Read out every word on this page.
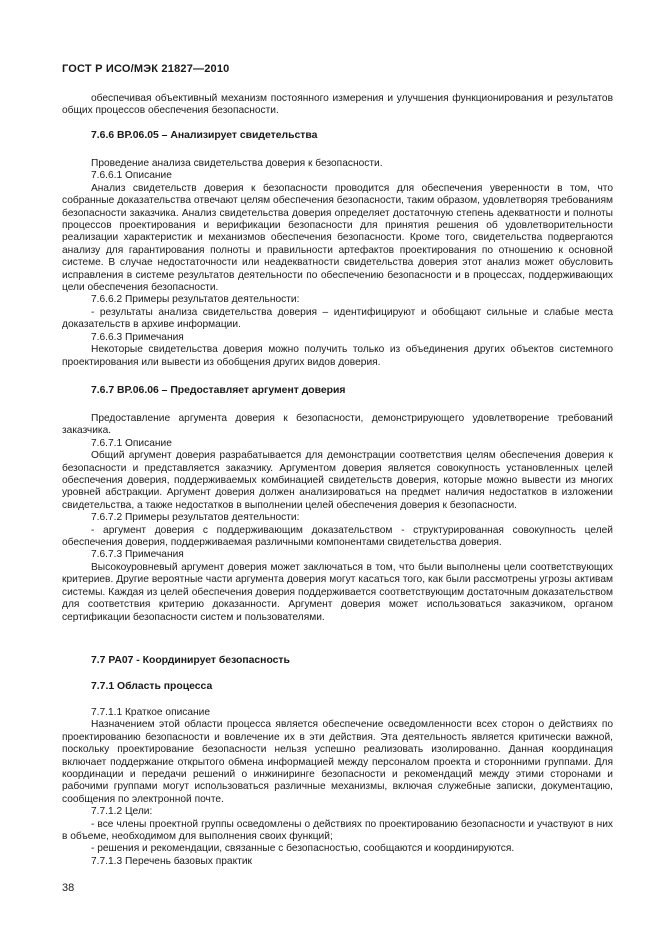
ГОСТ Р ИСО/МЭК 21827—2010

обеспечивая объективный механизм постоянного измерения и улучшения функционирования и результатов общих процессов обеспечения безопасности.

7.6.6 ВР.06.05 – Анализирует свидетельства

Проведение анализа свидетельства доверия к безопасности.

7.6.6.1 Описание

Анализ свидетельств доверия к безопасности проводится для обеспечения уверенности в том, что собранные доказательства отвечают целям обеспечения безопасности, таким образом, удовлетворяя требованиям безопасности заказчика. Анализ свидетельства доверия определяет достаточную степень адекватности и полноты процессов проектирования и верификации безопасности для принятия решения об удовлетворительности реализации характеристик и механизмов обеспечения безопасности. Кроме того, свидетельства подвергаются анализу для гарантирования полноты и правильности артефактов проектирования по отношению к основной системе. В случае недостаточности или неадекватности свидетельства доверия этот анализ может обусловить исправления в системе результатов деятельности по обеспечению безопасности и в процессах, поддерживающих цели обеспечения безопасности.

7.6.6.2 Примеры результатов деятельности:

- результаты анализа свидетельства доверия – идентифицируют и обобщают сильные и слабые места доказательств в архиве информации.

7.6.6.3 Примечания

Некоторые свидетельства доверия можно получить только из объединения других объектов системного проектирования или вывести из обобщения других видов доверия.

7.6.7 ВР.06.06 – Предоставляет аргумент доверия

Предоставление аргумента доверия к безопасности, демонстрирующего удовлетворение требований заказчика.

7.6.7.1 Описание

Общий аргумент доверия разрабатывается для демонстрации соответствия целям обеспечения доверия к безопасности и представляется заказчику. Аргументом доверия является совокупность установленных целей обеспечения доверия, поддерживаемых комбинацией свидетельств доверия, которые можно вывести из многих уровней абстракции. Аргумент доверия должен анализироваться на предмет наличия недостатков в изложении свидетельства, а также недостатков в выполнении целей обеспечения доверия к безопасности.

7.6.7.2 Примеры результатов деятельности:

- аргумент доверия с поддерживающим доказательством - структурированная совокупность целей обеспечения доверия, поддерживаемая различными компонентами свидетельства доверия.

7.6.7.3 Примечания

Высокоуровневый аргумент доверия может заключаться в том, что были выполнены цели соответствующих критериев. Другие вероятные части аргумента доверия могут касаться того, как были рассмотрены угрозы активам системы. Каждая из целей обеспечения доверия поддерживается соответствующим достаточным доказательством для соответствия критерию доказанности. Аргумент доверия может использоваться заказчиком, органом сертификации безопасности систем и пользователями.

7.7 РА07 - Координирует безопасность

7.7.1 Область процесса

7.7.1.1 Краткое описание

Назначением этой области процесса является обеспечение осведомленности всех сторон о действиях по проектированию безопасности и вовлечение их в эти действия. Эта деятельность является критически важной, поскольку проектирование безопасности нельзя успешно реализовать изолированно. Данная координация включает поддержание открытого обмена информацией между персоналом проекта и сторонними группами. Для координации и передачи решений о инжиниринге безопасности и рекомендаций между этими сторонами и рабочими группами могут использоваться различные механизмы, включая служебные записки, документацию, сообщения по электронной почте.

7.7.1.2 Цели:

- все члены проектной группы осведомлены о действиях по проектированию безопасности и участвуют в них в объеме, необходимом для выполнения своих функций;

- решения и рекомендации, связанные с безопасностью, сообщаются и координируются.

7.7.1.3 Перечень базовых практик

38
